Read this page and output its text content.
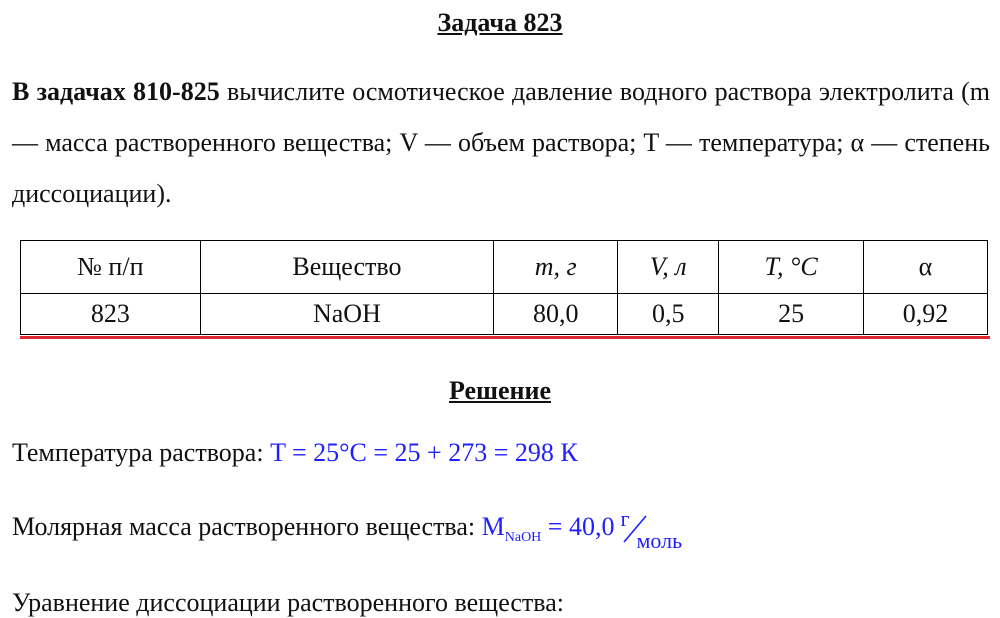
Задача 823
В задачах 810-825 вычислите осмотическое давление водного раствора электролита (m — масса растворенного вещества; V — объем раствора; T — температура; α — степень диссоциации).
№ п/п	Вещество	m, г	V, л	T, °C	α
823	NaOH	80,0	0,5	25	0,92
Решение
Температура раствора: T = 25°C = 25 + 273 = 298 К
Молярная масса растворенного вещества: $M_{NaOH} = 40,0$ г
моль
Уравнение диссоциации растворенного вещества:
